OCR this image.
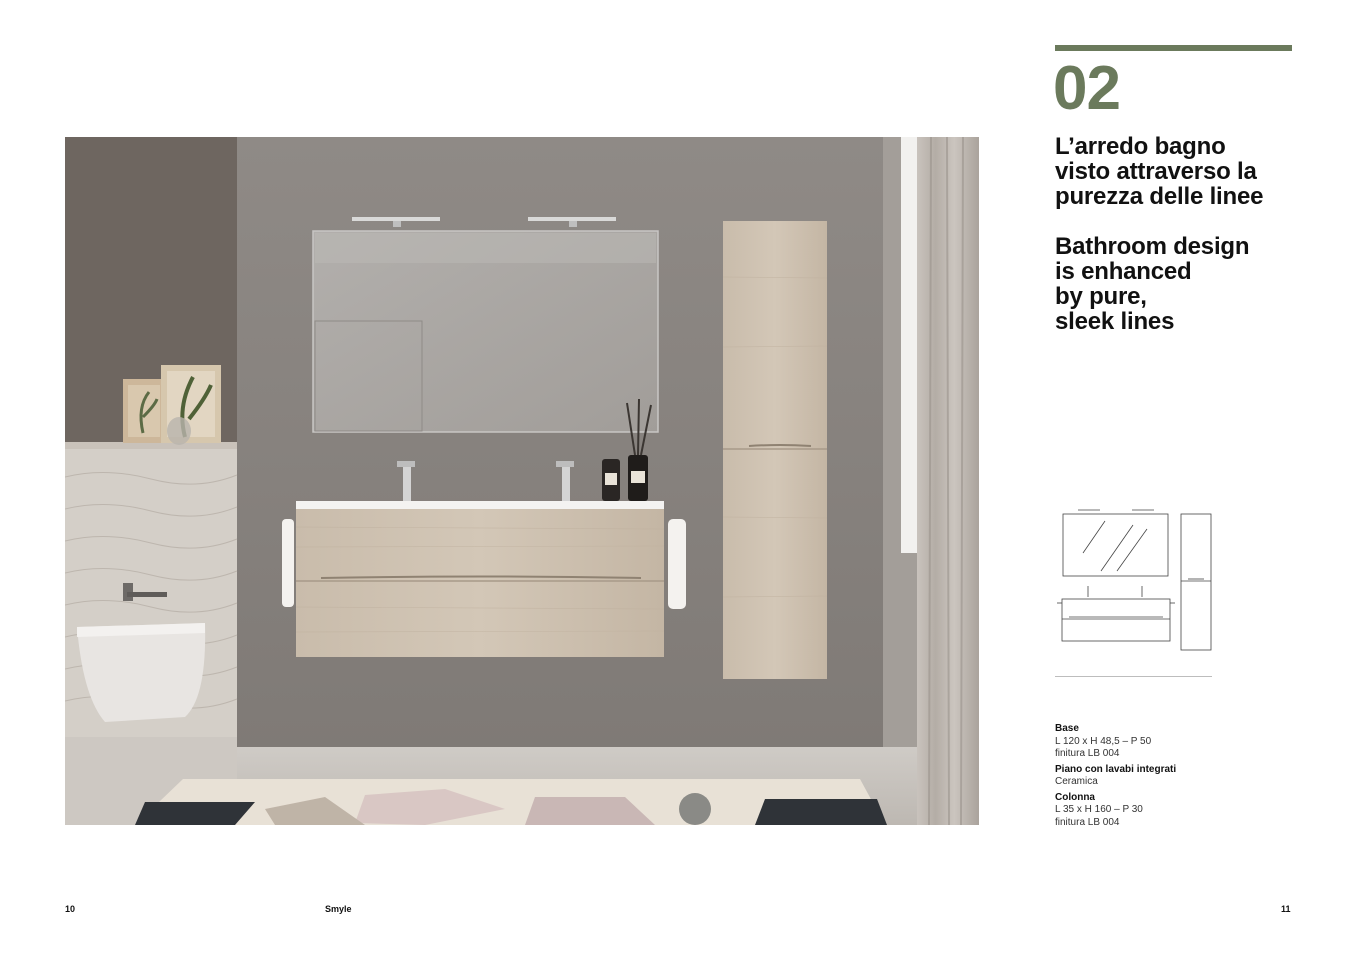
02
L’arredo bagno
visto attraverso la
purezza delle linee
Bathroom design
is enhanced
by pure,
sleek lines
Base
L 120 x H 48,5 – P 50
finitura LB 004
Piano con lavabi integrati
Ceramica
Colonna
L 35 x H 160 – P 30
finitura LB 004
10	Smyle	11
